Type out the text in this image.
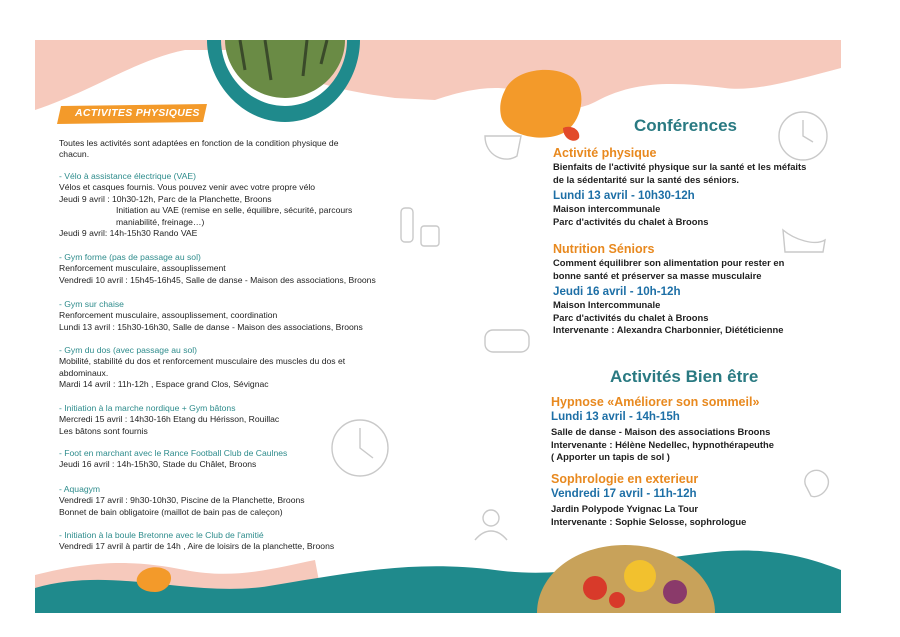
ACTIVITES PHYSIQUES
Toutes les activités sont adaptées en fonction de la condition physique de
chacun.
- Vélo à assistance électrique (VAE)
Vélos et casques fournis. Vous pouvez venir avec votre propre vélo
Jeudi 9 avril : 10h30-12h, Parc de la Planchette, Broons
Initiation au VAE (remise en selle, équilibre, sécurité, parcours
maniabilité, freinage…)
Jeudi 9 avril: 14h-15h30 Rando VAE
- Gym forme (pas de passage au sol)
Renforcement musculaire, assouplissement
Vendredi 10 avril : 15h45-16h45, Salle de danse - Maison des associations, Broons
- Gym sur chaise
Renforcement musculaire, assouplissement, coordination
Lundi 13 avril : 15h30-16h30, Salle de danse - Maison des associations, Broons
- Gym du dos (avec passage au sol)
Mobilité, stabilité du dos et renforcement musculaire des muscles du dos et
abdominaux.
Mardi 14 avril : 11h-12h , Espace grand Clos, Sévignac
- Initiation à la marche nordique + Gym bâtons
Mercredi 15 avril : 14h30-16h Etang du Hérisson, Rouillac
Les bâtons sont fournis
- Foot en marchant avec le Rance Football Club de Caulnes
Jeudi 16 avril : 14h-15h30, Stade du Châlet, Broons
- Aquagym
Vendredi 17 avril : 9h30-10h30, Piscine de la Planchette, Broons
Bonnet de bain obligatoire (maillot de bain pas de caleçon)
- Initiation à la boule Bretonne avec le Club de l'amitié
Vendredi 17 avril à partir de 14h , Aire de loisirs de la planchette, Broons
Conférences
Activité physique
Bienfaits de l'activité physique sur la santé et les méfaits
de la sédentarité sur la santé des séniors.
Lundi 13 avril - 10h30-12h
Maison intercommunale
Parc d'activités du chalet à Broons
Nutrition Séniors
Comment équilibrer son alimentation pour rester en
bonne santé et préserver sa masse musculaire
Jeudi 16 avril - 10h-12h
Maison Intercommunale
Parc d'activités du chalet à Broons
Intervenante : Alexandra Charbonnier, Diététicienne
Activités Bien être
Hypnose «Améliorer son sommeil»
Lundi 13 avril - 14h-15h
Salle de danse - Maison des associations Broons
Intervenante : Hélène Nedellec, hypnothérapeuthe
( Apporter un tapis de sol )
Sophrologie en exterieur
Vendredi 17 avril - 11h-12h
Jardin Polypode Yvignac La Tour
Intervenante : Sophie Selosse, sophrologue
